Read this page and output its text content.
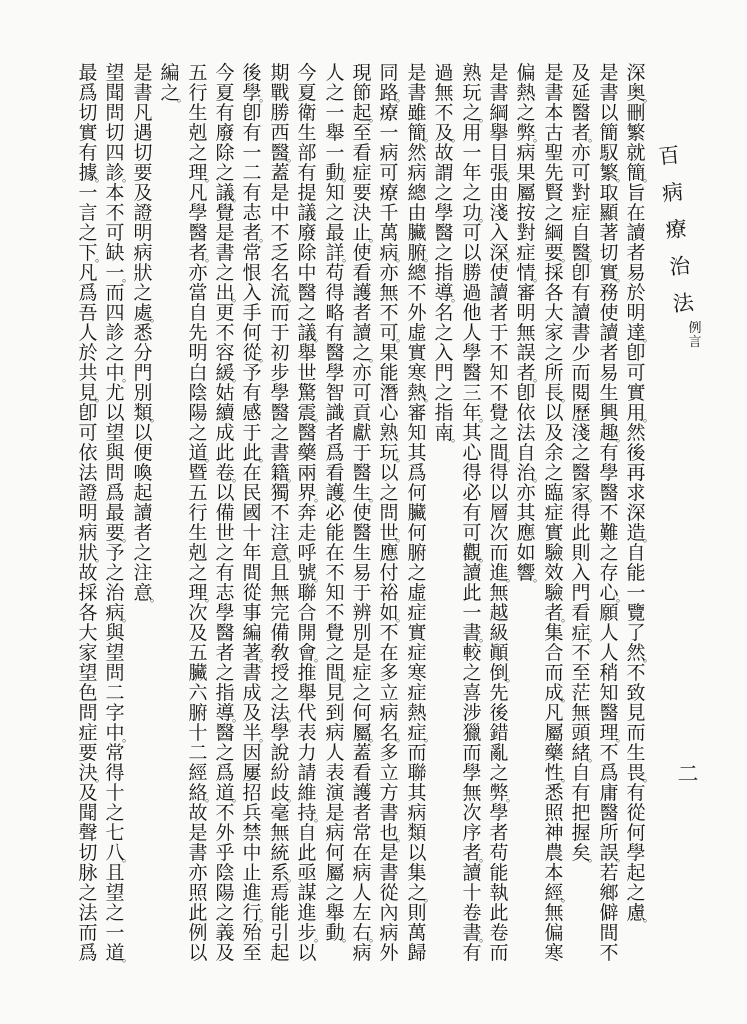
百
病
療
治
法
例
言
二
深
奥
。
刪
繁
就
簡
。
旨
在
讀
者
易
於
明
達
。
卽
可
實
用
。
然
後
再
求
深
造
。
自
能
一
覽
了
然
。
不
致
見
而
生
畏
。
有
從
何
學
起
之
慮
。
是
書
以
簡
馭
繁
。
取
顯
著
切
實
。
務
使
讀
者
易
生
興
趣
。
有
學
醫
不
難
之
存
心
。
願
人
人
稍
知
醫
理
。
不
爲
庸
醫
所
誤
。
若
鄉
僻
間
不
及
延
醫
者
。
亦
可
對
症
自
醫
。
卽
有
讀
書
少
而
閱
歷
淺
之
醫
家
。
得
此
則
入
門
看
症
。
不
至
茫
無
頭
緒
。
自
有
把
握
矣
。
是
書
本
古
聖
先
賢
之
綱
要
。
採
各
大
家
之
所
長
。
以
及
余
之
臨
症
實
驗
效
驗
者
。
集
合
而
成
。
凡
屬
藥
性
。
悉
照
神
農
本
經
。
無
偏
寒
偏
熱
之
弊
。
病
果
屬
按
對
症
情
。
審
明
無
誤
者
。
卽
依
法
自
治
。
亦
其
應
如
響
。
是
書
綱
擧
目
張
。
由
淺
入
深
。
使
讀
者
于
不
知
不
覺
之
間
。
得
以
層
次
而
進
。
無
越
級
顚
倒
。
先
後
錯
亂
之
弊
。
學
者
苟
能
執
此
卷
而
熟
玩
之
。
用
一
年
之
功
。
可
以
勝
過
他
人
學
醫
三
年
。
其
心
得
必
有
可
觀
。
讀
此
一
書
。
較
之
喜
涉
獵
而
學
無
次
序
者
。
讀
十
卷
書
。
有
過
無
不
及
。
故
謂
之
學
醫
之
指
導
。
名
之
入
門
之
指
南
。
是
書
雖
簡
。
然
病
總
由
臟
腑
。
總
不
外
虛
實
寒
熱
。
審
知
其
爲
何
臟
何
腑
之
虛
症
實
症
寒
症
熱
症
。
而
聯
其
病
類
以
集
之
。
則
萬
歸
同
路
。
療
一
病
可
療
千
萬
病
。
亦
無
不
可
。
果
能
潛
心
熟
玩
。
以
之
問
世
。
應
付
裕
如
。
不
在
多
立
病
名
。
多
立
方
書
也
。
是
書
從
內
病
外
現
節
起
。
至
看
症
要
決
止
。
使
看
護
者
讀
之
。
亦
可
貢
獻
于
醫
生
。
使
醫
生
易
于
辨
別
是
症
之
何
屬
。
蓋
看
護
者
常
在
病
人
左
右
。
病
人
之
一
舉
一
動
。
知
之
最
詳
。
苟
得
略
有
醫
學
智
識
者
爲
看
護
。
必
能
在
不
知
不
覺
之
間
。
見
到
病
人
表
演
是
病
何
屬
之
舉
動
。
今
夏
衛
生
部
有
提
議
廢
除
中
醫
之
議
。
舉
世
驚
震
。
醫
藥
兩
界
。
奔
走
呼
號
。
聯
合
開
會
。
推
舉
代
表
力
請
維
持
。
自
此
亟
謀
進
步
。
以
期
戰
勝
西
醫
。
蓋
是
中
不
乏
名
流
。
而
于
初
步
學
醫
之
書
籍
。
獨
不
注
意
。
且
無
完
備
敎
授
之
法
。
學
說
紛
歧
。
毫
無
統
系
。
焉
能
引
起
後
學
。
卽
有
一
二
有
志
者
。
常
恨
入
手
何
從
。
予
有
感
于
此
。
在
民
國
十
年
間
從
事
編
著
。
書
成
及
半
。
因
屢
招
兵
禁
中
止
進
行
。
殆
至
今
夏
有
廢
除
之
議
。
覺
是
書
之
出
。
更
不
容
緩
。
姑
續
成
此
卷
。
以
備
世
之
有
志
學
醫
者
之
指
導
。
醫
之
爲
道
。
不
外
乎
陰
陽
之
義
及
五
行
生
剋
之
理
。
凡
學
醫
者
。
亦
當
自
先
明
白
陰
陽
之
道
。
暨
五
行
生
剋
之
理
。
次
及
五
臟
六
腑
十
二
經
絡
。
故
是
書
亦
照
此
例
以
編
之
。
是
書
凡
遇
切
要
及
證
明
病
狀
之
處
。
悉
分
門
別
類
。
以
便
喚
起
讀
者
之
注
意
。
望
聞
問
切
四
診
。
本
不
可
缺
一
。
而
四
診
之
中
。
尤
以
望
與
問
爲
最
要
。
予
之
治
病
。
與
望
問
二
字
中
。
常
得
十
之
七
八
。
且
望
之
一
道
。
最
爲
切
實
有
據
。
一
言
之
下
。
凡
爲
吾
人
於
共
見
。
卽
可
依
法
證
明
病
狀
。
故
採
各
大
家
望
色
問
症
要
決
。
及
聞
聲
切
脉
之
法
而
爲
